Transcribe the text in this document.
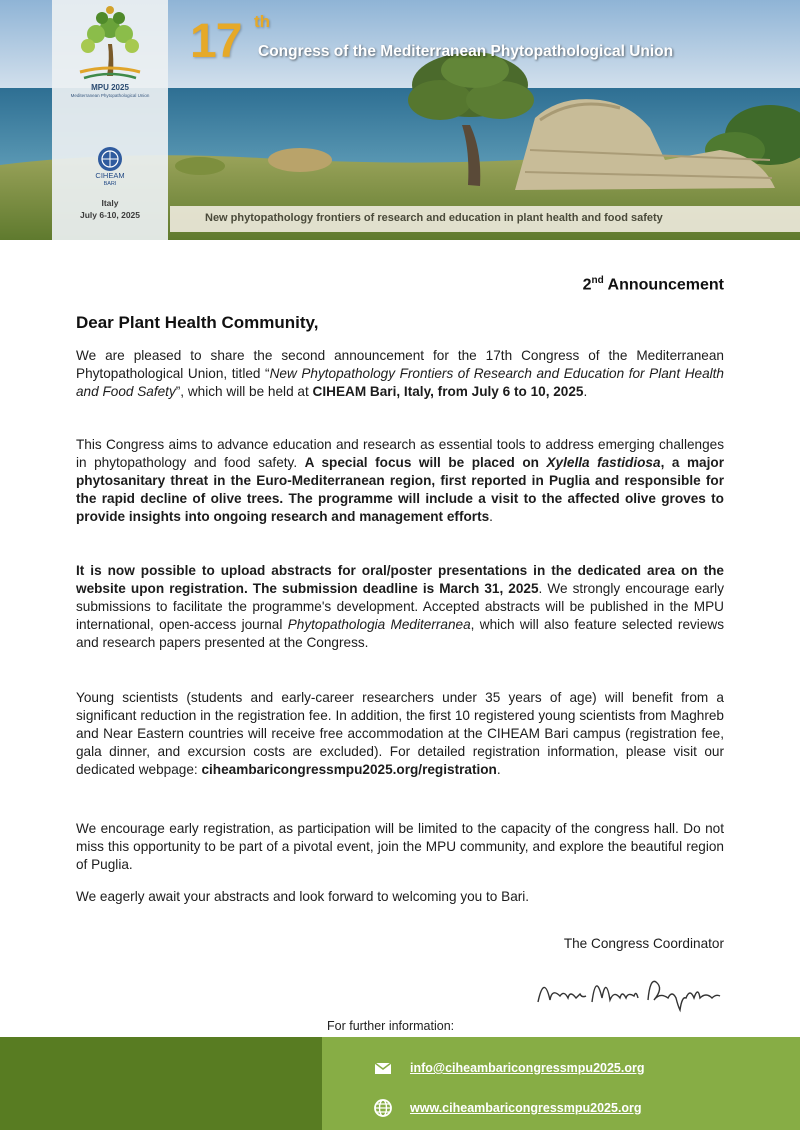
MPU 2025
Mediterranean Phytopathological Union
CIHEAM
BARI
Italy
July 6-10, 2025
17 th
Congress of the Mediterranean Phytopathological Union
New phytopathology frontiers of research and education in plant health and food safety
2nd Announcement
Dear Plant Health Community,
We are pleased to share the second announcement for the 17th Congress of the Mediterranean Phytopathological Union, titled “New Phytopathology Frontiers of Research and Education for Plant Health and Food Safety”, which will be held at CIHEAM Bari, Italy, from July 6 to 10, 2025.
This Congress aims to advance education and research as essential tools to address emerging challenges in phytopathology and food safety. A special focus will be placed on Xylella fastidiosa, a major phytosanitary threat in the Euro-Mediterranean region, first reported in Puglia and responsible for the rapid decline of olive trees. The programme will include a visit to the affected olive groves to provide insights into ongoing research and management efforts.
It is now possible to upload abstracts for oral/poster presentations in the dedicated area on the website upon registration. The submission deadline is March 31, 2025. We strongly encourage early submissions to facilitate the programme's development. Accepted abstracts will be published in the MPU international, open-access journal Phytopathologia Mediterranea, which will also feature selected reviews and research papers presented at the Congress.
Young scientists (students and early-career researchers under 35 years of age) will benefit from a significant reduction in the registration fee. In addition, the first 10 registered young scientists from Maghreb and Near Eastern countries will receive free accommodation at the CIHEAM Bari campus (registration fee, gala dinner, and excursion costs are excluded). For detailed registration information, please visit our dedicated webpage: ciheambaricongressmpu2025.org/registration.
We encourage early registration, as participation will be limited to the capacity of the congress hall. Do not miss this opportunity to be part of a pivotal event, join the MPU community, and explore the beautiful region of Puglia.
We eagerly await your abstracts and look forward to welcoming you to Bari.
The Congress Coordinator
For further information:
info@ciheambaricongressmpu2025.org
www.ciheambaricongressmpu2025.org
